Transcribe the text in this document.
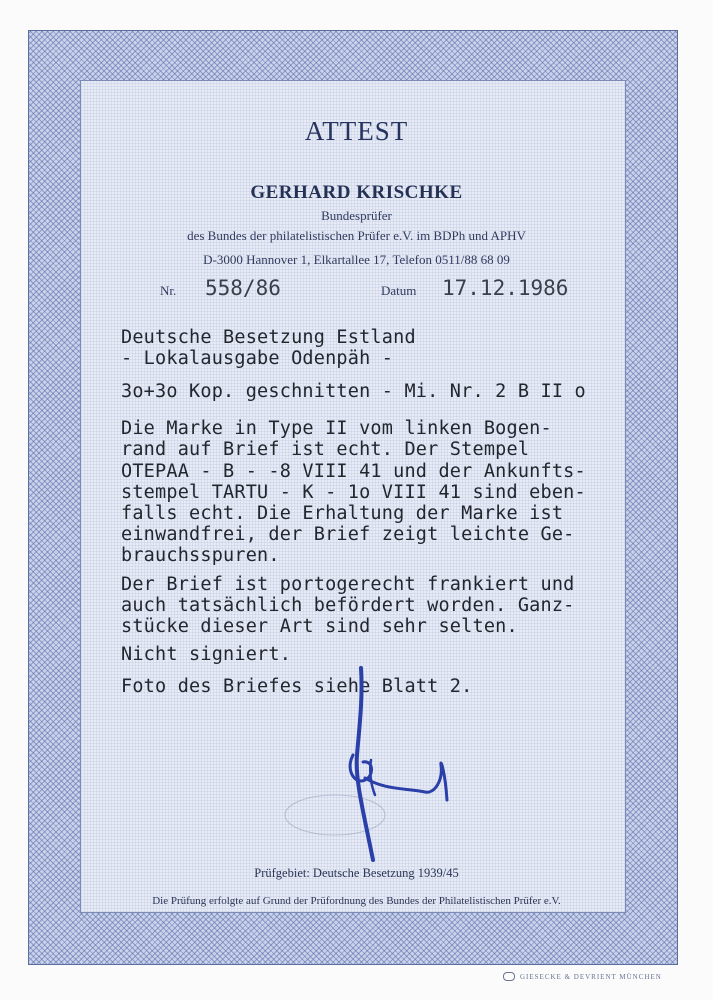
ATTEST
GERHARD KRISCHKE
Bundesprüfer
des Bundes der philatelistischen Prüfer e.V. im BDPh und APHV
D-3000 Hannover 1, Elkartallee 17, Telefon 0511/88 68 09
Nr. 558/86	Datum 17.12.1986
Deutsche Besetzung Estland
- Lokalausgabe Odenpäh -
3o+3o Kop. geschnitten - Mi. Nr. 2 B II o
Die Marke in Type II vom linken Bogen-
rand auf Brief ist echt. Der Stempel
OTEPAA - B - -8 VIII 41 und der Ankunfts-
stempel TARTU - K - 1o VIII 41 sind eben-
falls echt. Die Erhaltung der Marke ist
einwandfrei, der Brief zeigt leichte Ge-
brauchsspuren.
Der Brief ist portogerecht frankiert und
auch tatsächlich befördert worden. Ganz-
stücke dieser Art sind sehr selten.
Nicht signiert.
Foto des Briefes siehe Blatt 2.
Prüfgebiet: Deutsche Besetzung 1939/45
Die Prüfung erfolgte auf Grund der Prüfordnung des Bundes der Philatelistischen Prüfer e.V.
GIESECKE & DEVRIENT MÜNCHEN
